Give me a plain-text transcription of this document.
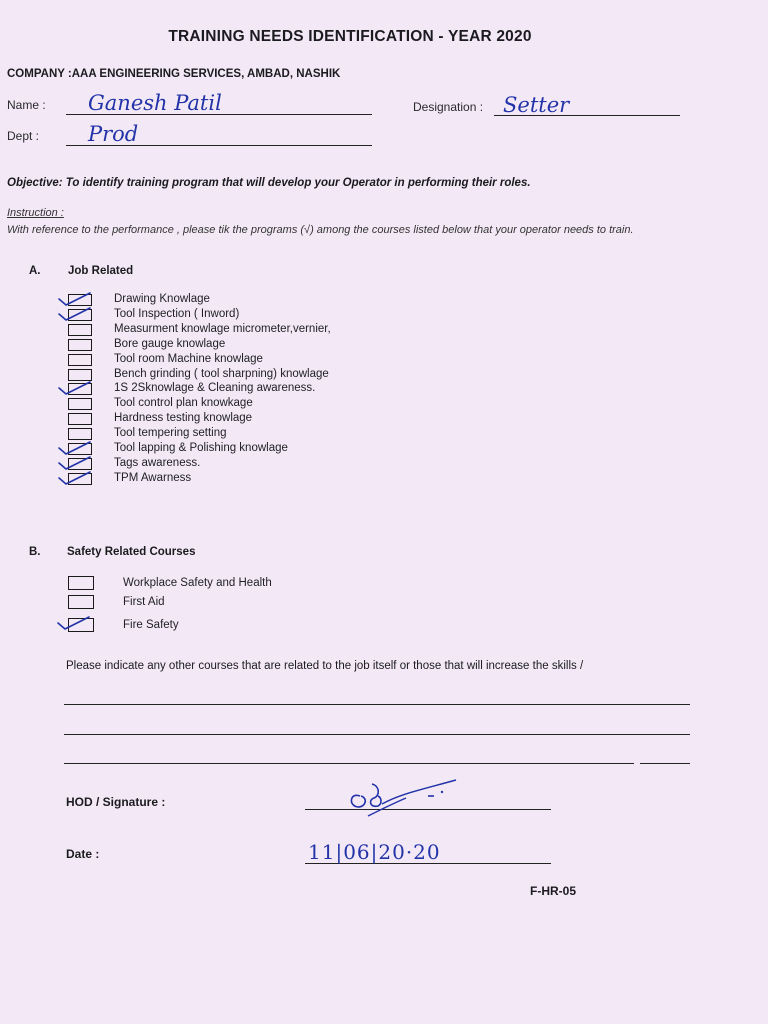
TRAINING NEEDS IDENTIFICATION - YEAR 2020
COMPANY :AAA ENGINEERING SERVICES, AMBAD, NASHIK
Name : Ganesh Patil	Designation : Setter
Dept : Prod
Objective: To identify training program that will develop your Operator in performing their roles.
Instruction :
With reference to the performance , please tik the programs (√) among the courses listed below that your operator needs to train.
A. Job Related
Drawing Knowlage
Tool Inspection ( Inword)
Measurment knowlage micrometer,vernier,
Bore gauge knowlage
Tool room Machine knowlage
Bench grinding ( tool sharpning) knowlage
1S 2Sknowlage & Cleaning awareness.
Tool control plan knowkage
Hardness testing knowlage
Tool tempering setting
Tool lapping & Polishing knowlage
Tags awareness.
TPM Awarness
B. Safety Related Courses
Workplace Safety and Health
First Aid
Fire Safety
Please indicate any other courses that are related to the job itself or those that will increase the skills /
HOD / Signature :
Date :	11|06|20·20
F-HR-05
